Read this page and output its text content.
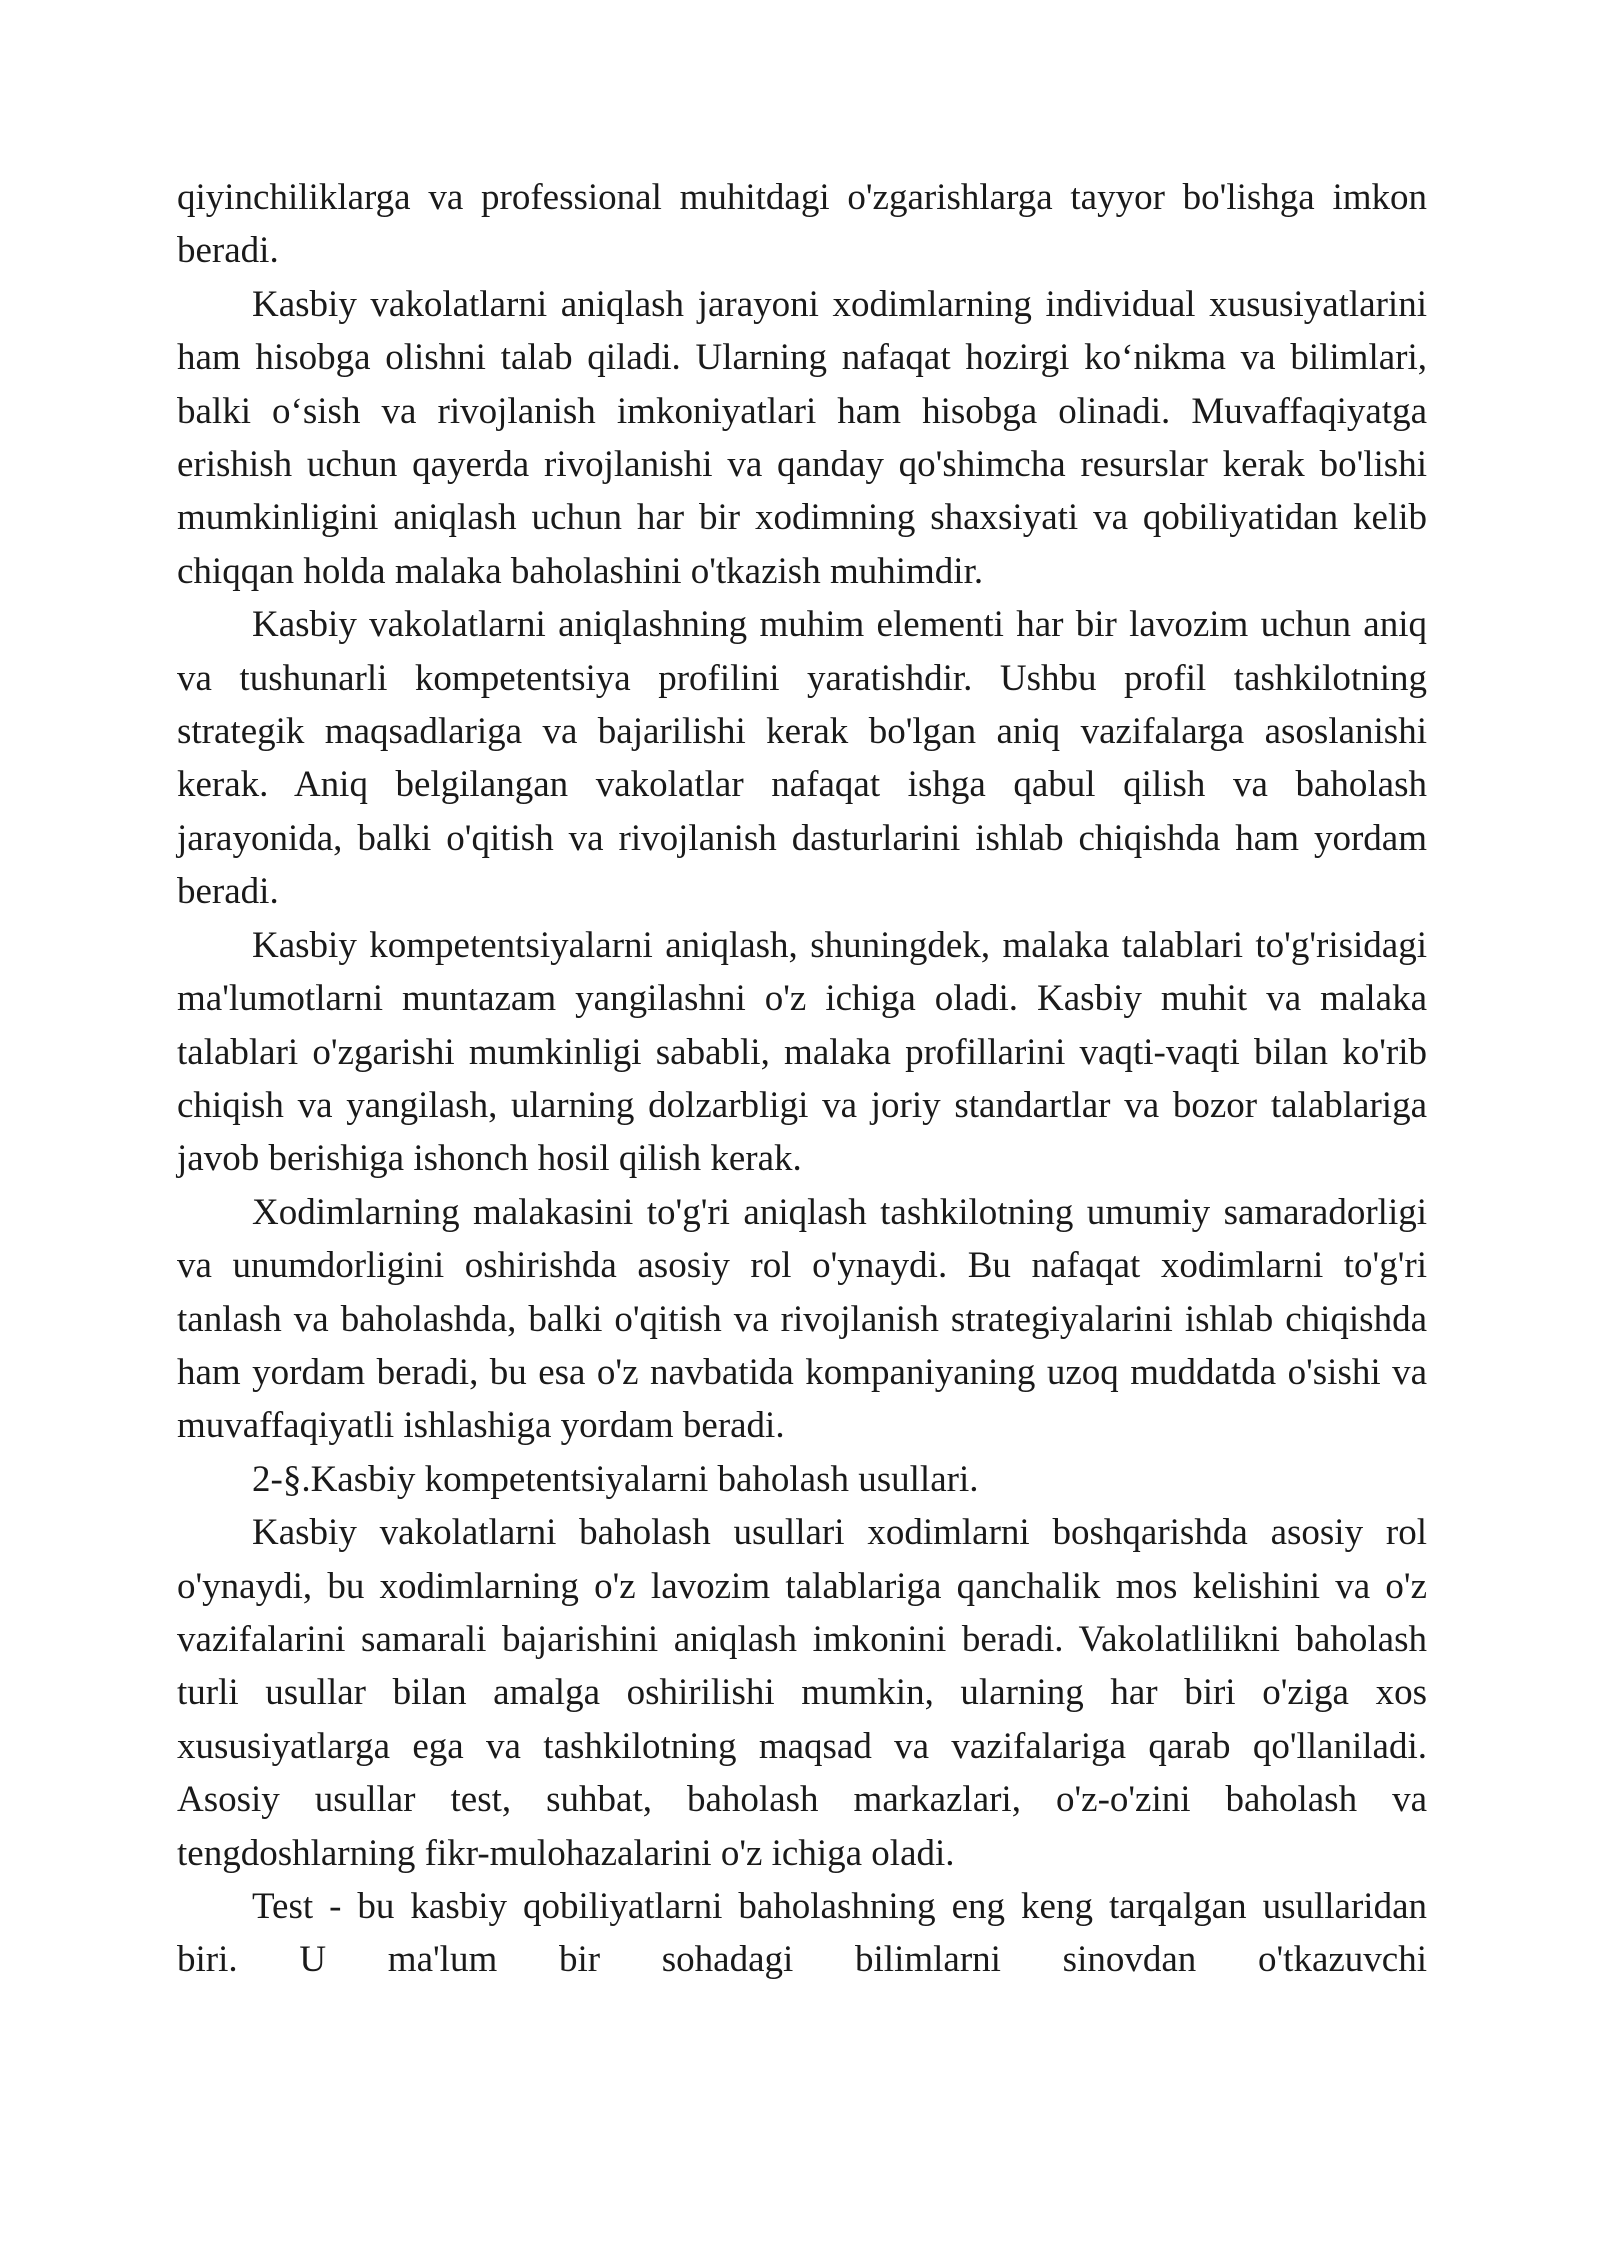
qiyinchiliklarga va professional muhitdagi o'zgarishlarga tayyor bo'lishga imkon beradi.

Kasbiy vakolatlarni aniqlash jarayoni xodimlarning individual xususiyatlarini ham hisobga olishni talab qiladi. Ularning nafaqat hozirgi ko‘nikma va bilimlari, balki o‘sish va rivojlanish imkoniyatlari ham hisobga olinadi. Muvaffaqiyatga erishish uchun qayerda rivojlanishi va qanday qo'shimcha resurslar kerak bo'lishi mumkinligini aniqlash uchun har bir xodimning shaxsiyati va qobiliyatidan kelib chiqqan holda malaka baholashini o'tkazish muhimdir.

Kasbiy vakolatlarni aniqlashning muhim elementi har bir lavozim uchun aniq va tushunarli kompetentsiya profilini yaratishdir. Ushbu profil tashkilotning strategik maqsadlariga va bajarilishi kerak bo'lgan aniq vazifalarga asoslanishi kerak. Aniq belgilangan vakolatlar nafaqat ishga qabul qilish va baholash jarayonida, balki o'qitish va rivojlanish dasturlarini ishlab chiqishda ham yordam beradi.

Kasbiy kompetentsiyalarni aniqlash, shuningdek, malaka talablari to'g'risidagi ma'lumotlarni muntazam yangilashni o'z ichiga oladi. Kasbiy muhit va malaka talablari o'zgarishi mumkinligi sababli, malaka profillarini vaqti-vaqti bilan ko'rib chiqish va yangilash, ularning dolzarbligi va joriy standartlar va bozor talablariga javob berishiga ishonch hosil qilish kerak.

Xodimlarning malakasini to'g'ri aniqlash tashkilotning umumiy samaradorligi va unumdorligini oshirishda asosiy rol o'ynaydi. Bu nafaqat xodimlarni to'g'ri tanlash va baholashda, balki o'qitish va rivojlanish strategiyalarini ishlab chiqishda ham yordam beradi, bu esa o'z navbatida kompaniyaning uzoq muddatda o'sishi va muvaffaqiyatli ishlashiga yordam beradi.

2-§.Kasbiy kompetentsiyalarni baholash usullari.

Kasbiy vakolatlarni baholash usullari xodimlarni boshqarishda asosiy rol o'ynaydi, bu xodimlarning o'z lavozim talablariga qanchalik mos kelishini va o'z vazifalarini samarali bajarishini aniqlash imkonini beradi. Vakolatlilikni baholash turli usullar bilan amalga oshirilishi mumkin, ularning har biri o'ziga xos xususiyatlarga ega va tashkilotning maqsad va vazifalariga qarab qo'llaniladi. Asosiy usullar test, suhbat, baholash markazlari, o'z-o'zini baholash va tengdoshlarning fikr-mulohazalarini o'z ichiga oladi.

Test - bu kasbiy qobiliyatlarni baholashning eng keng tarqalgan usullaridan biri. U ma'lum bir sohadagi bilimlarni sinovdan o'tkazuvchi
